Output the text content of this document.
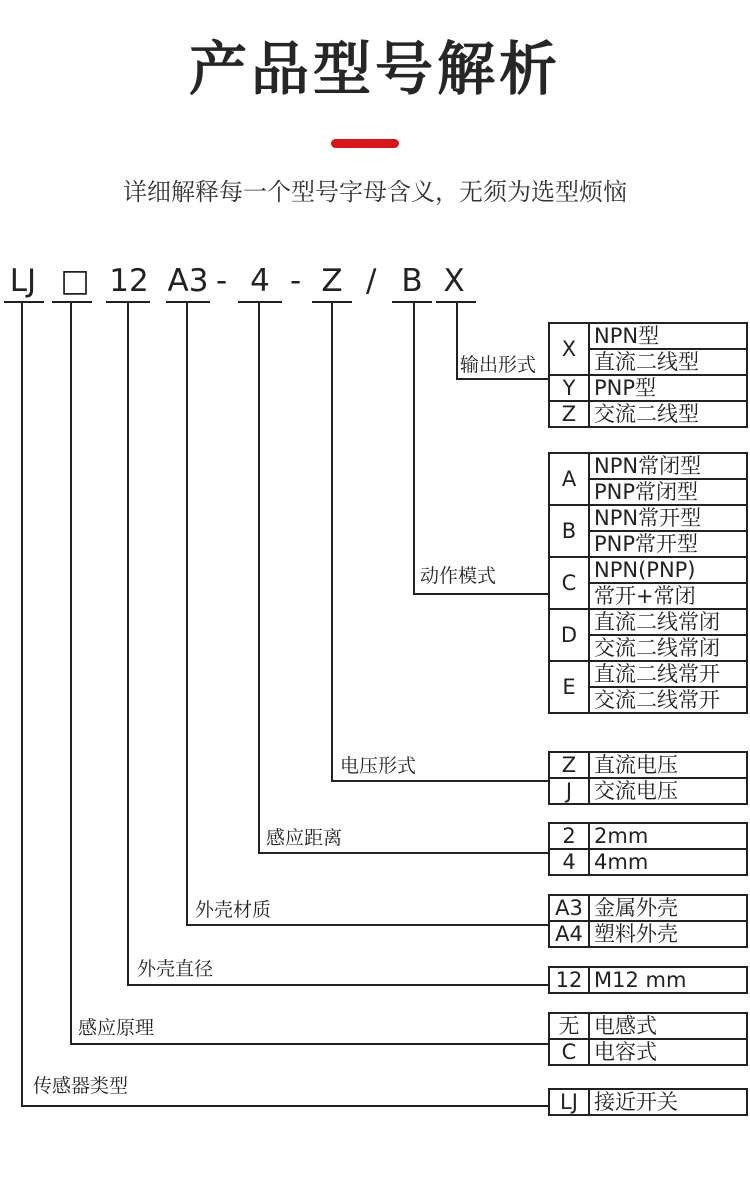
产品型号解析
详细解释每一个型号字母含义，无须为选型烦恼
LJ □ 12 A3	4	Z	B X
- - /
输出形式
X	NPN型
	直流二线型
Y	PNP型
Z	交流二线型
动作模式
A	NPN常闭型
	PNP常闭型
B	NPN常开型
	PNP常开型
C	NPN(PNP)
	常开+常闭
D	直流二线常闭
	交流二线常闭
E	直流二线常开
	交流二线常开
电压形式	Z	直流电压
J	交流电压
感应距离	2	2mm
4	4mm
外壳材质	A3	金属外壳
A4	塑料外壳
外壳直径	12	M12 mm
感应原理	无	电感式
C	电容式
传感器类型
LJ	接近开关
